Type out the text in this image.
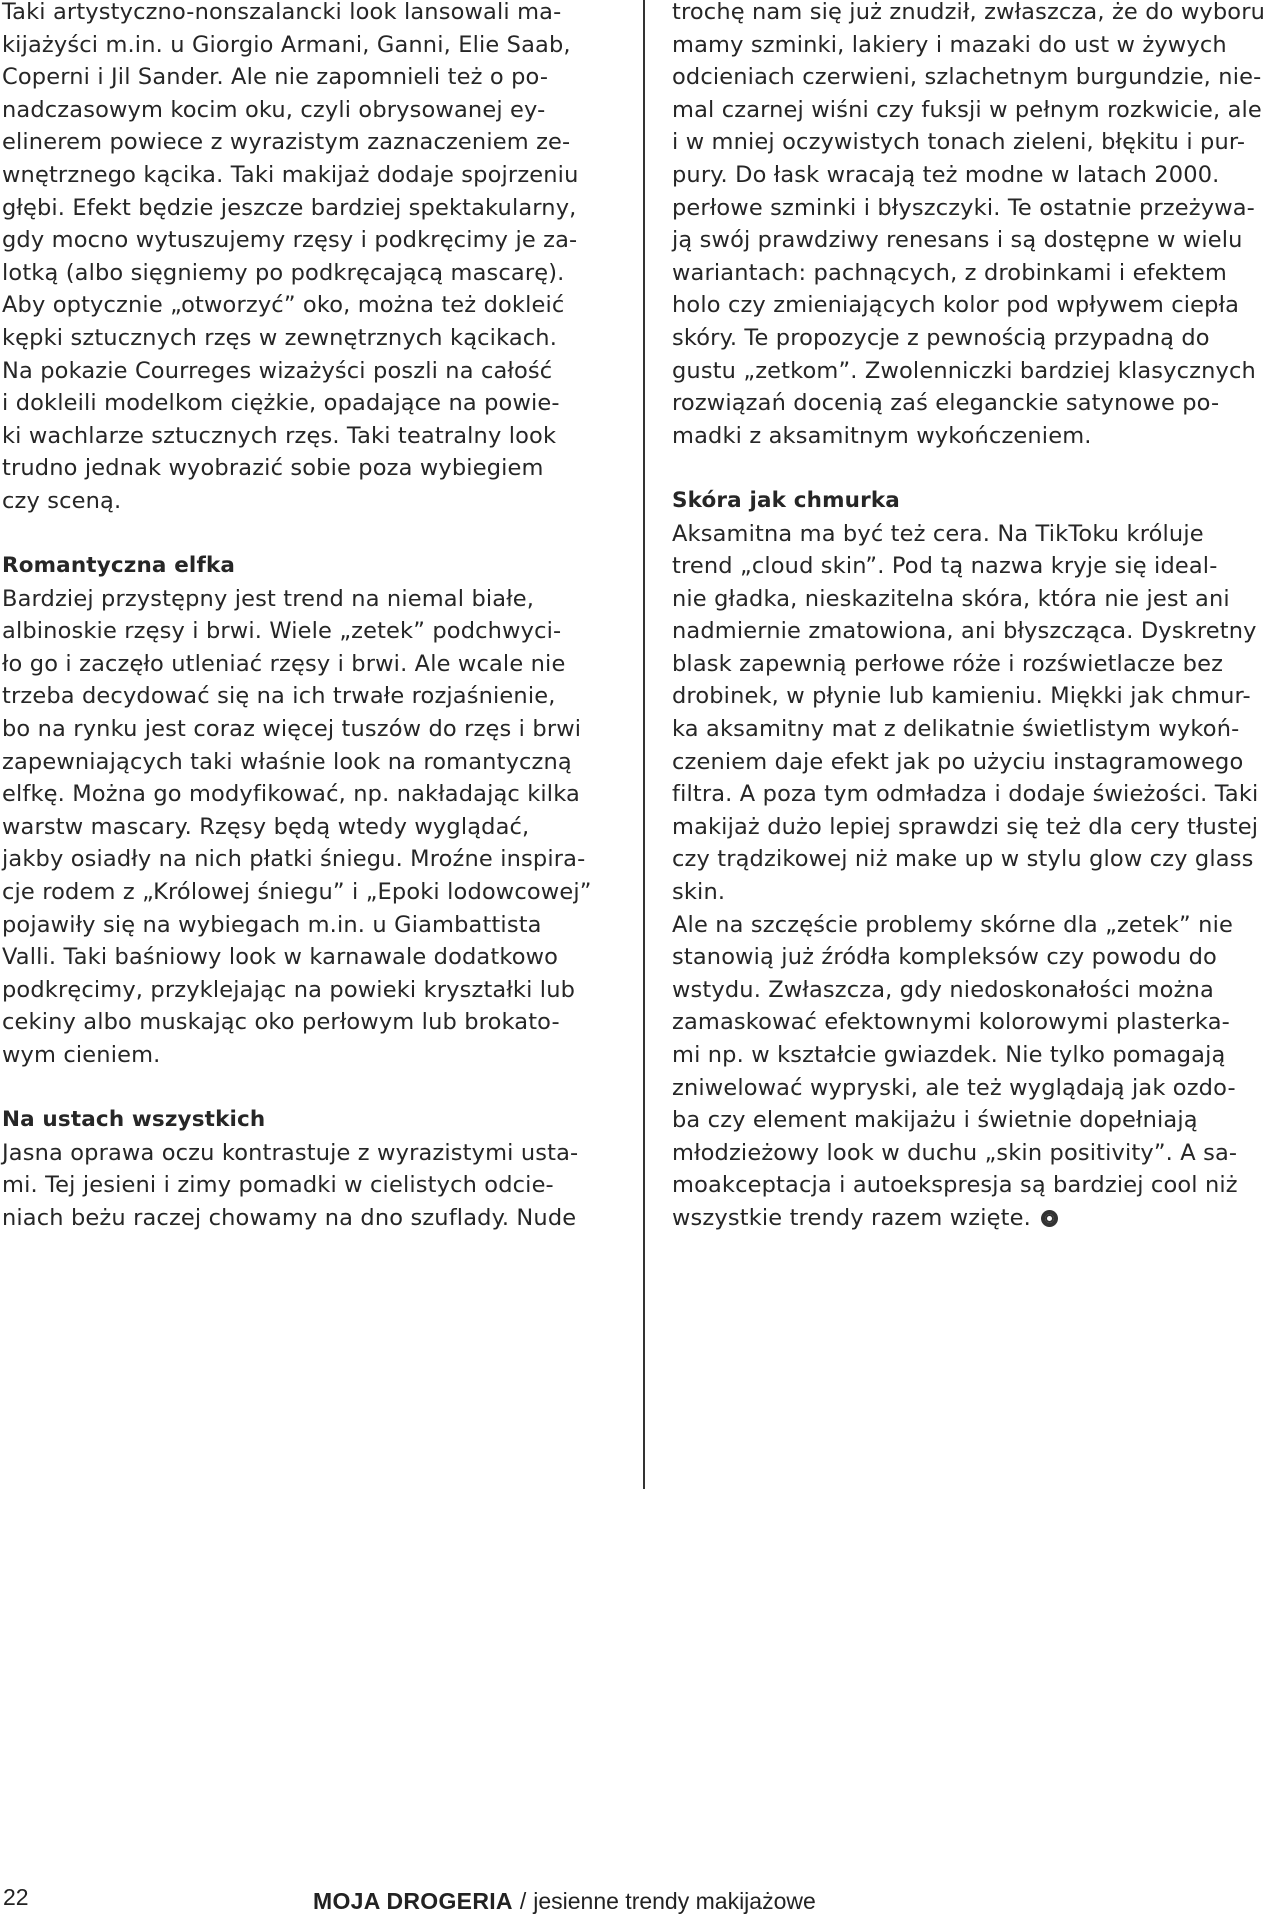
Taki artystyczno-nonszalancki look lansowali ma-
kijażyści m.in. u Giorgio Armani, Ganni, Elie Saab,
Coperni i Jil Sander. Ale nie zapomnieli też o po-
nadczasowym kocim oku, czyli obrysowanej ey-
elinerem powiece z wyrazistym zaznaczeniem ze-
wnętrznego kącika. Taki makijaż dodaje spojrzeniu
głębi. Efekt będzie jeszcze bardziej spektakularny,
gdy mocno wytuszujemy rzęsy i podkręcimy je za-
lotką (albo sięgniemy po podkręcającą mascarę).
Aby optycznie „otworzyć” oko, można też dokleić
kępki sztucznych rzęs w zewnętrznych kącikach.
Na pokazie Courreges wizażyści poszli na całość
i dokleili modelkom ciężkie, opadające na powie-
ki wachlarze sztucznych rzęs. Taki teatralny look
trudno jednak wyobrazić sobie poza wybiegiem
czy sceną.
Romantyczna elfka
Bardziej przystępny jest trend na niemal białe,
albinoskie rzęsy i brwi. Wiele „zetek” podchwyci-
ło go i zaczęło utleniać rzęsy i brwi. Ale wcale nie
trzeba decydować się na ich trwałe rozjaśnienie,
bo na rynku jest coraz więcej tuszów do rzęs i brwi
zapewniających taki właśnie look na romantyczną
elfkę. Można go modyfikować, np. nakładając kilka
warstw mascary. Rzęsy będą wtedy wyglądać,
jakby osiadły na nich płatki śniegu. Mroźne inspira-
cje rodem z „Królowej śniegu” i „Epoki lodowcowej”
pojawiły się na wybiegach m.in. u Giambattista
Valli. Taki baśniowy look w karnawale dodatkowo
podkręcimy, przyklejając na powieki kryształki lub
cekiny albo muskając oko perłowym lub brokato-
wym cieniem.
Na ustach wszystkich
Jasna oprawa oczu kontrastuje z wyrazistymi usta-
mi. Tej jesieni i zimy pomadki w cielistych odcie-
niach beżu raczej chowamy na dno szuflady. Nude
trochę nam się już znudził, zwłaszcza, że do wyboru
mamy szminki, lakiery i mazaki do ust w żywych
odcieniach czerwieni, szlachetnym burgundzie, nie-
mal czarnej wiśni czy fuksji w pełnym rozkwicie, ale
i w mniej oczywistych tonach zieleni, błękitu i pur-
pury. Do łask wracają też modne w latach 2000.
perłowe szminki i błyszczyki. Te ostatnie przeżywa-
ją swój prawdziwy renesans i są dostępne w wielu
wariantach: pachnących, z drobinkami i efektem
holo czy zmieniających kolor pod wpływem ciepła
skóry. Te propozycje z pewnością przypadną do
gustu „zetkom”. Zwolenniczki bardziej klasycznych
rozwiązań docenią zaś eleganckie satynowe po-
madki z aksamitnym wykończeniem.
Skóra jak chmurka
Aksamitna ma być też cera. Na TikToku króluje
trend „cloud skin”. Pod tą nazwa kryje się ideal-
nie gładka, nieskazitelna skóra, która nie jest ani
nadmiernie zmatowiona, ani błyszcząca. Dyskretny
blask zapewnią perłowe róże i rozświetlacze bez
drobinek, w płynie lub kamieniu. Miękki jak chmur-
ka aksamitny mat z delikatnie świetlistym wykoń-
czeniem daje efekt jak po użyciu instagramowego
filtra. A poza tym odmładza i dodaje świeżości. Taki
makijaż dużo lepiej sprawdzi się też dla cery tłustej
czy trądzikowej niż make up w stylu glow czy glass
skin.
Ale na szczęście problemy skórne dla „zetek” nie
stanowią już źródła kompleksów czy powodu do
wstydu. Zwłaszcza, gdy niedoskonałości można
zamaskować efektownymi kolorowymi plasterka-
mi np. w kształcie gwiazdek. Nie tylko pomagają
zniwelować wypryski, ale też wyglądają jak ozdo-
ba czy element makijażu i świetnie dopełniają
młodzieżowy look w duchu „skin positivity”. A sa-
moakceptacja i autoekspresja są bardziej cool niż
wszystkie trendy razem wzięte.
22	MOJA DROGERIA / jesienne trendy makijażowe
